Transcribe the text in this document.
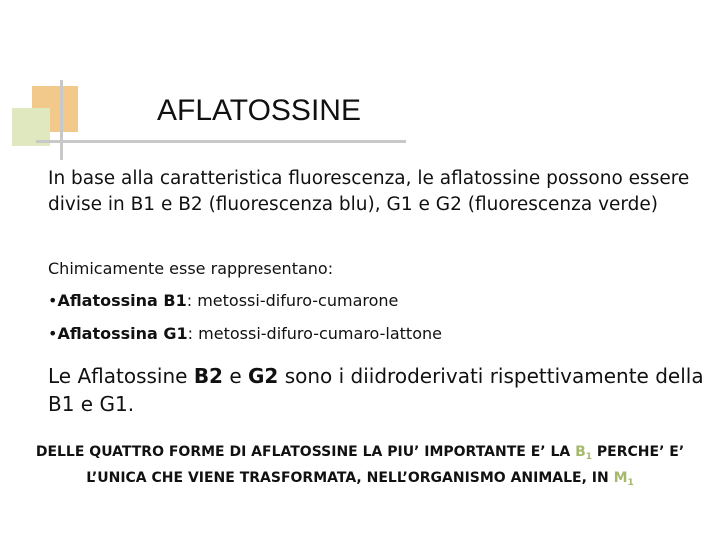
AFLATOSSINE
In base alla caratteristica fluorescenza, le aflatossine possono essere divise in B1 e B2 (fluorescenza blu), G1 e G2 (fluorescenza verde)
Chimicamente esse rappresentano:
•Aflatossina B1: metossi-difuro-cumarone
•Aflatossina G1: metossi-difuro-cumaro-lattone
Le Aflatossine B2 e G2 sono i diidroderivati rispettivamente della B1 e G1.
DELLE QUATTRO FORME DI AFLATOSSINE LA PIU’ IMPORTANTE E’ LA $B_1$ PERCHE’ E’ L’UNICA CHE VIENE TRASFORMATA, NELL’ORGANISMO ANIMALE, IN $M_1$
